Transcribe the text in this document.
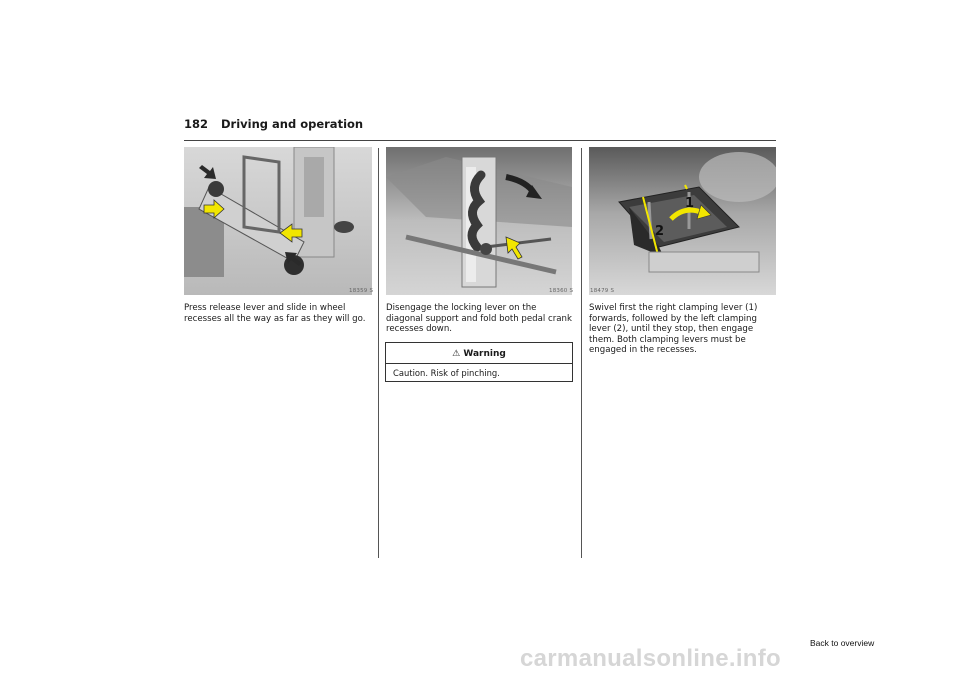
182 Driving and operation
18359 S	18360 S
1
2
18479 S
Press release lever and slide in wheel recesses all the way as far as they will go.
Disengage the locking lever on the diagonal support and fold both pedal crank recesses down.
Swivel first the right clamping lever (1) forwards, followed by the left clamping lever (2), until they stop, then engage them. Both clamping levers must be engaged in the recesses.
⚠ Warning
Caution. Risk of pinching.
Back to overview
carmanualsonline.info
